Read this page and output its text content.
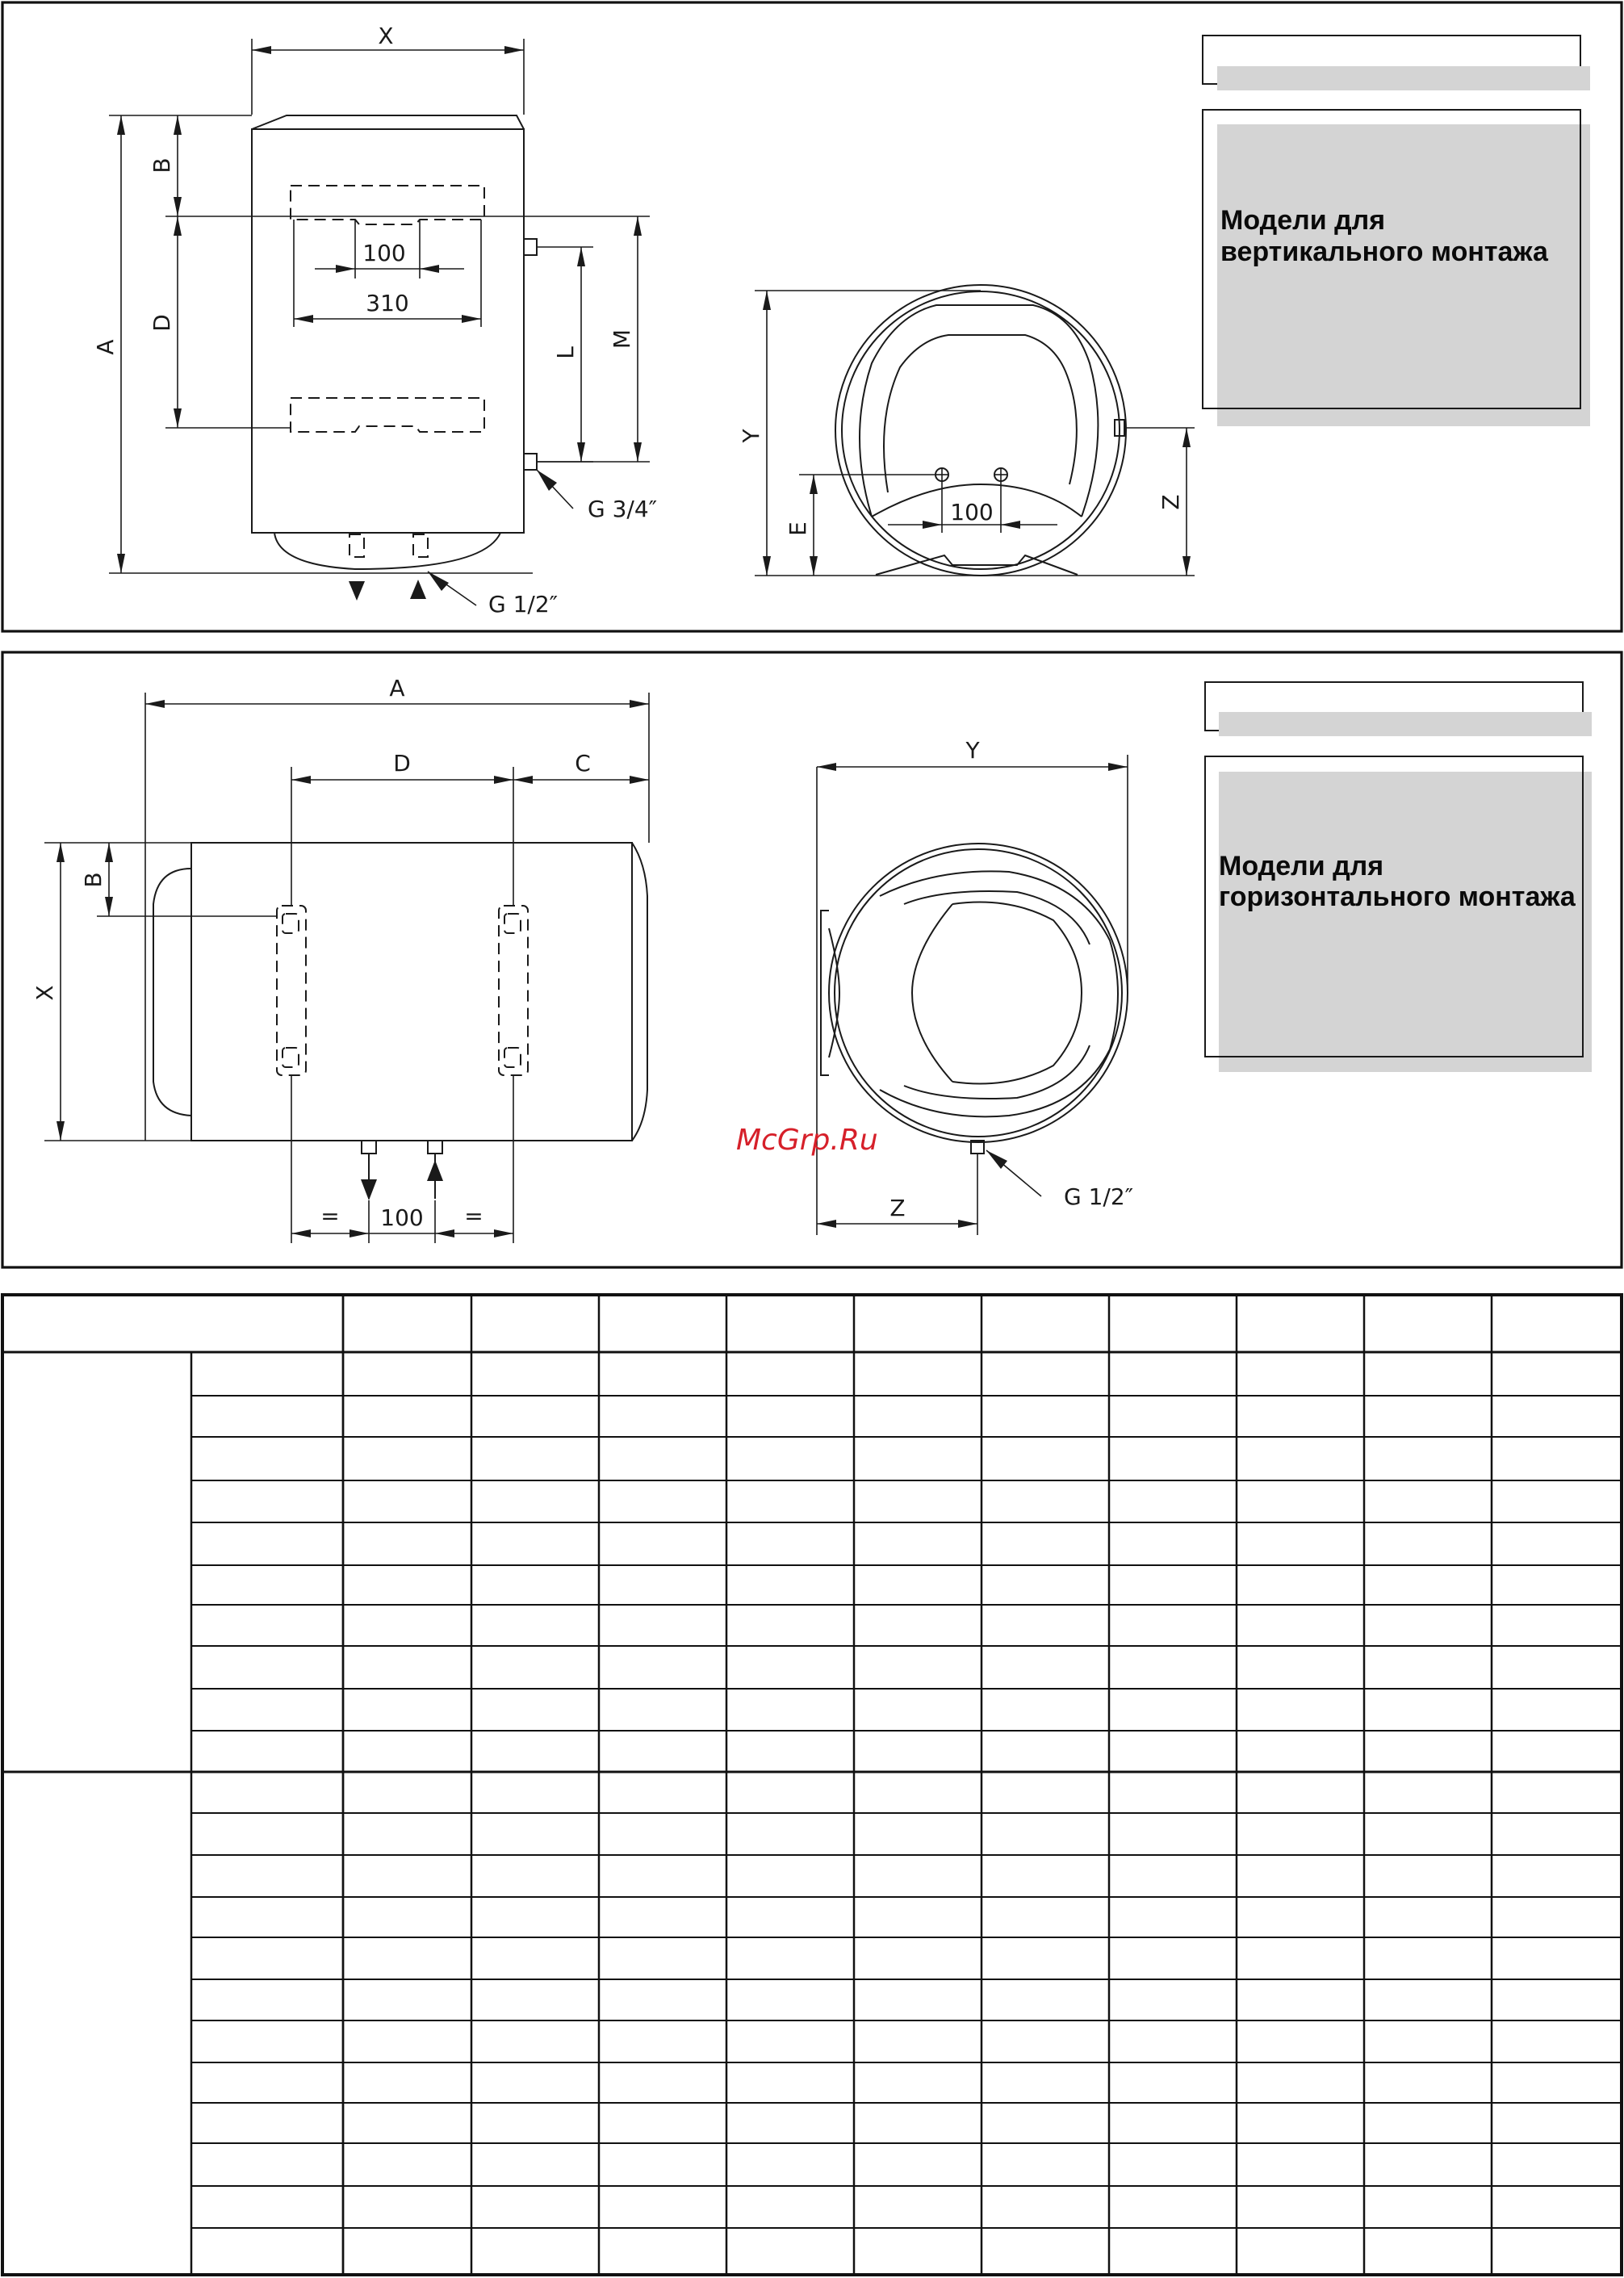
X
A
B
D
100
310
L
M
G 3/4″
G 1/2″
100
Y
E
Z
Модели для
вертикального монтажа
A
D	C
X
B
= 100 =
Y
Z	G 1/2″
Модели для
горизонтального монтажа
McGrp.Ru
